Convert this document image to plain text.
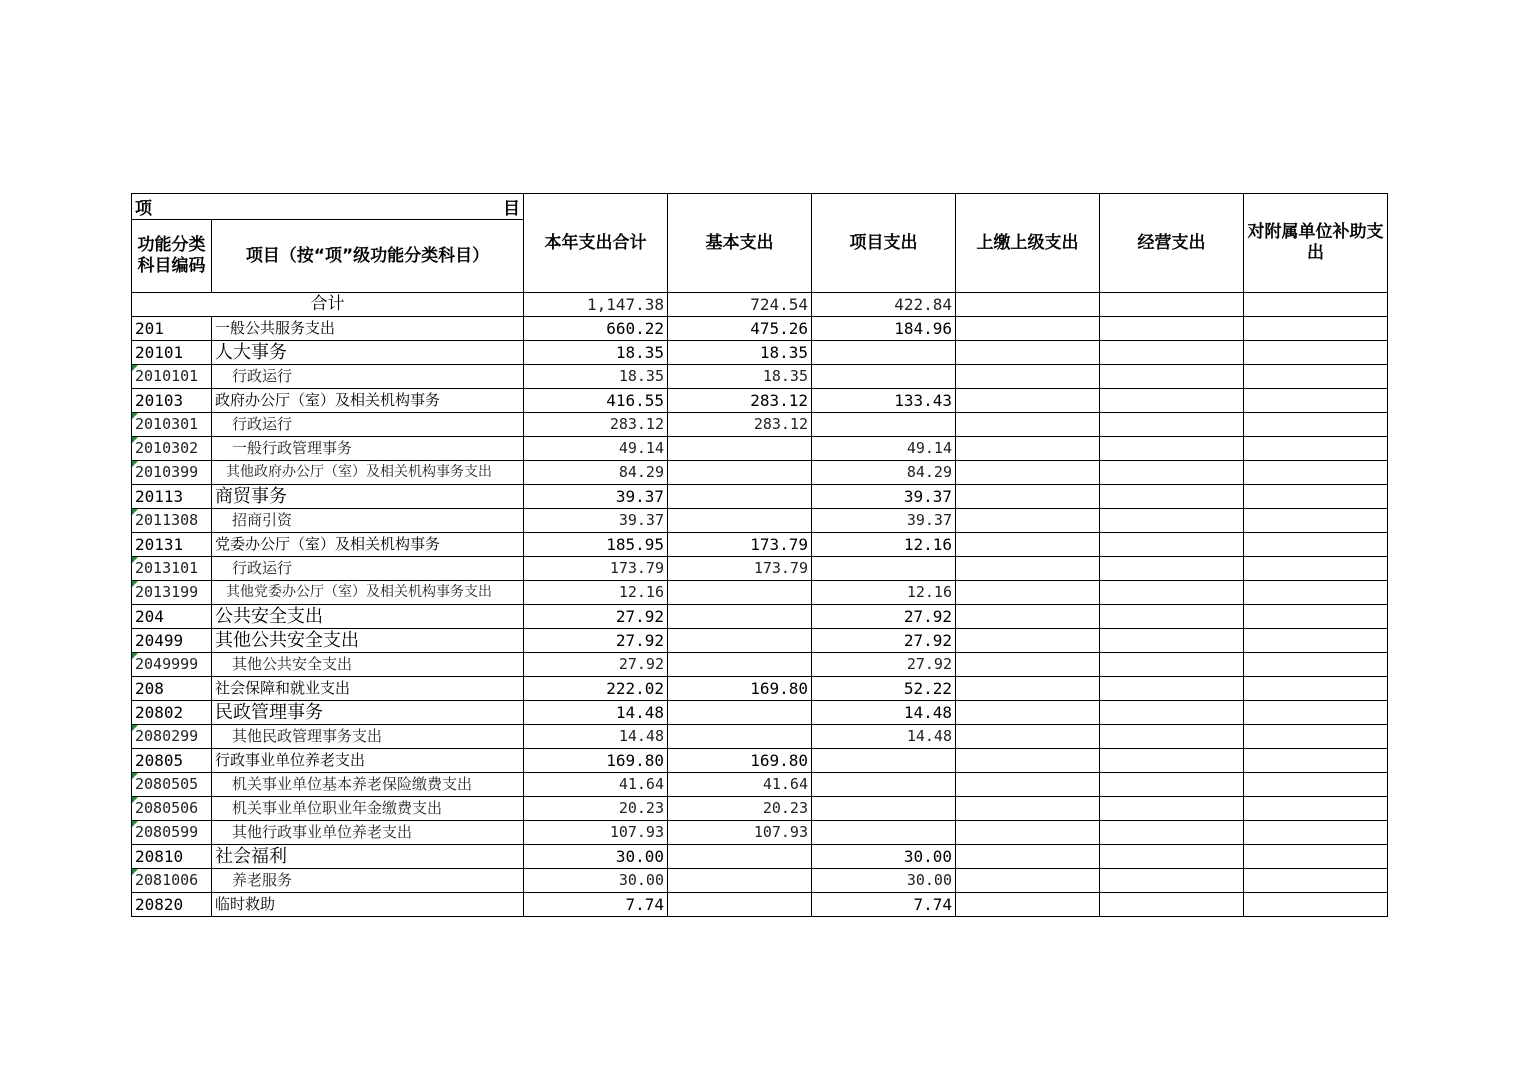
项 目		本年支出合计	基本支出	项目支出	上缴上级支出	经营支出	对附属单位补助支出
功能分类科目编码	项目（按“项”级功能分类科目）						
合计		1,147.38	724.54	422.84			
201	一般公共服务支出	660.22	475.26	184.96			
20101	人大事务	18.35	18.35				
2010101	行政运行	18.35	18.35				
20103	政府办公厅（室）及相关机构事务	416.55	283.12	133.43			
2010301	行政运行	283.12	283.12				
2010302	一般行政管理事务	49.14		49.14			
2010399	其他政府办公厅（室）及相关机构事务支出	84.29		84.29			
20113	商贸事务	39.37		39.37			
2011308	招商引资	39.37		39.37			
20131	党委办公厅（室）及相关机构事务	185.95	173.79	12.16			
2013101	行政运行	173.79	173.79				
2013199	其他党委办公厅（室）及相关机构事务支出	12.16		12.16			
204	公共安全支出	27.92		27.92			
20499	其他公共安全支出	27.92		27.92			
2049999	其他公共安全支出	27.92		27.92			
208	社会保障和就业支出	222.02	169.80	52.22			
20802	民政管理事务	14.48		14.48			
2080299	其他民政管理事务支出	14.48		14.48			
20805	行政事业单位养老支出	169.80	169.80				
2080505	机关事业单位基本养老保险缴费支出	41.64	41.64				
2080506	机关事业单位职业年金缴费支出	20.23	20.23				
2080599	其他行政事业单位养老支出	107.93	107.93				
20810	社会福利	30.00		30.00			
2081006	养老服务	30.00		30.00			
20820	临时救助	7.74		7.74			
